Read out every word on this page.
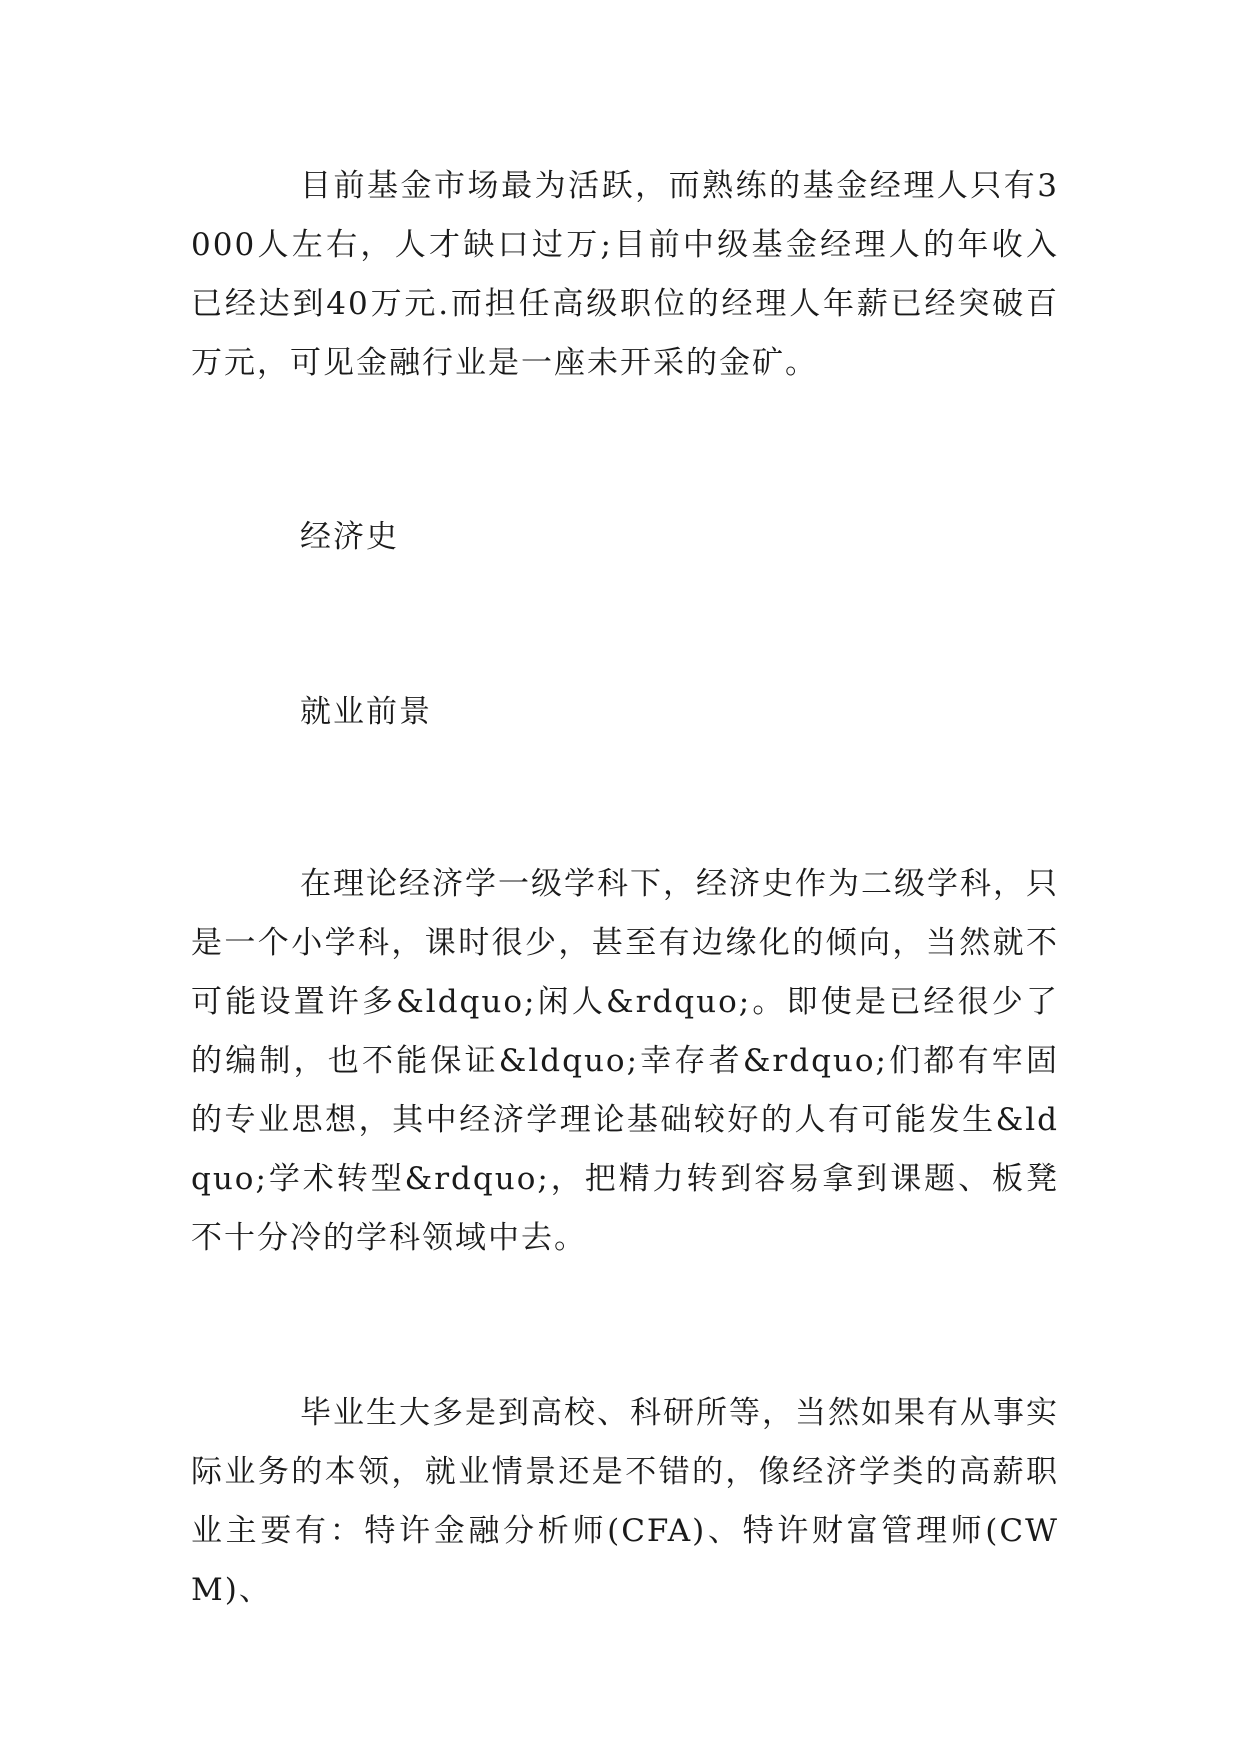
目前基金市场最为活跃，而熟练的基金经理人只有3000人左右，人才缺口过万;目前中级基金经理人的年收入已经达到40万元.而担任高级职位的经理人年薪已经突破百万元，可见金融行业是一座未开采的金矿。

经济史
就业前景

在理论经济学一级学科下，经济史作为二级学科，只是一个小学科，课时很少，甚至有边缘化的倾向，当然就不可能设置许多&ldquo;闲人&rdquo;。即使是已经很少了的编制，也不能保证&ldquo;幸存者&rdquo;们都有牢固的专业思想，其中经济学理论基础较好的人有可能发生&ldquo;学术转型&rdquo;，把精力转到容易拿到课题、板凳不十分冷的学科领域中去。

毕业生大多是到高校、科研所等，当然如果有从事实际业务的本领，就业情景还是不错的，像经济学类的高薪职业主要有：特许金融分析师(CFA)、特许财富管理师(CWM)、
